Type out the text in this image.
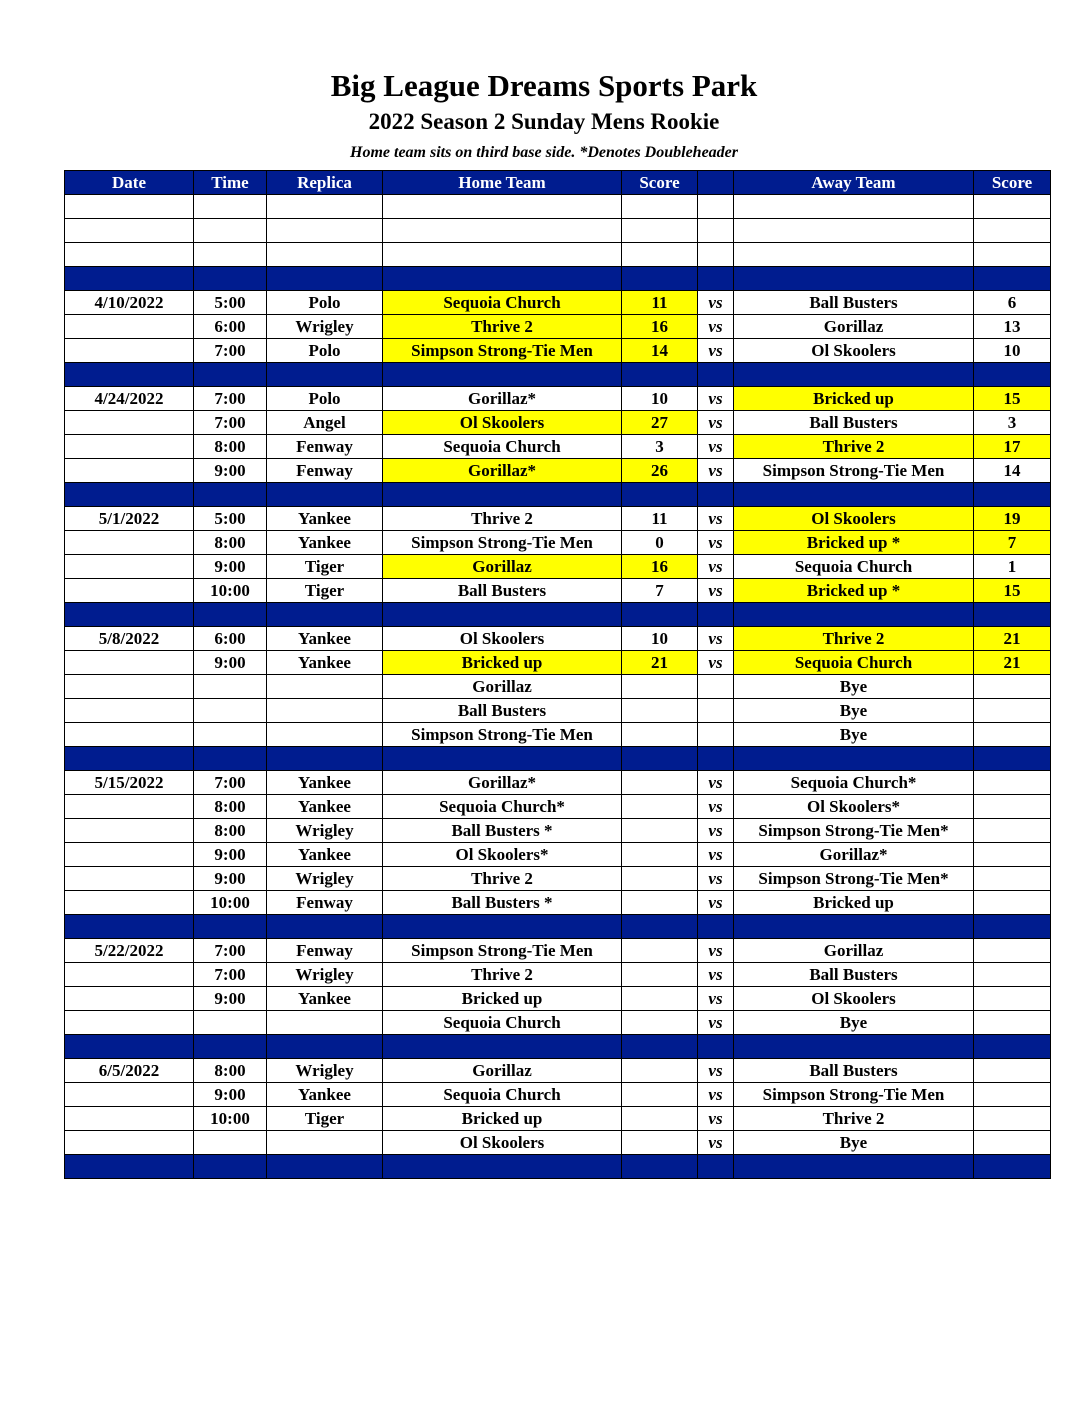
Big League Dreams Sports Park
2022 Season 2 Sunday Mens Rookie
Home team sits on third base side. *Denotes Doubleheader
Date	Time	Replica	Home Team	Score		Away Team	Score

4/10/2022	5:00	Polo	Sequoia Church	11	vs	Ball Busters	6
	6:00	Wrigley	Thrive 2	16	vs	Gorillaz	13
	7:00	Polo	Simpson Strong-Tie Men	14	vs	Ol Skoolers	10

4/24/2022	7:00	Polo	Gorillaz*	10	vs	Bricked up	15
	7:00	Angel	Ol Skoolers	27	vs	Ball Busters	3
	8:00	Fenway	Sequoia Church	3	vs	Thrive 2	17
	9:00	Fenway	Gorillaz*	26	vs	Simpson Strong-Tie Men	14

5/1/2022	5:00	Yankee	Thrive 2	11	vs	Ol Skoolers	19
	8:00	Yankee	Simpson Strong-Tie Men	0	vs	Bricked up *	7
	9:00	Tiger	Gorillaz	16	vs	Sequoia Church	1
	10:00	Tiger	Ball Busters	7	vs	Bricked up *	15

5/8/2022	6:00	Yankee	Ol Skoolers	10	vs	Thrive 2	21
	9:00	Yankee	Bricked up	21	vs	Sequoia Church	21
			Gorillaz			Bye	
			Ball Busters			Bye	
			Simpson Strong-Tie Men			Bye	

5/15/2022	7:00	Yankee	Gorillaz*		vs	Sequoia Church*	
	8:00	Yankee	Sequoia Church*		vs	Ol Skoolers*	
	8:00	Wrigley	Ball Busters *		vs	Simpson Strong-Tie Men*	
	9:00	Yankee	Ol Skoolers*		vs	Gorillaz*	
	9:00	Wrigley	Thrive 2		vs	Simpson Strong-Tie Men*	
	10:00	Fenway	Ball Busters *		vs	Bricked up	

5/22/2022	7:00	Fenway	Simpson Strong-Tie Men		vs	Gorillaz	
	7:00	Wrigley	Thrive 2		vs	Ball Busters	
	9:00	Yankee	Bricked up		vs	Ol Skoolers	
			Sequoia Church		vs	Bye	

6/5/2022	8:00	Wrigley	Gorillaz		vs	Ball Busters	
	9:00	Yankee	Sequoia Church		vs	Simpson Strong-Tie Men	
	10:00	Tiger	Bricked up		vs	Thrive 2	
			Ol Skoolers		vs	Bye	
